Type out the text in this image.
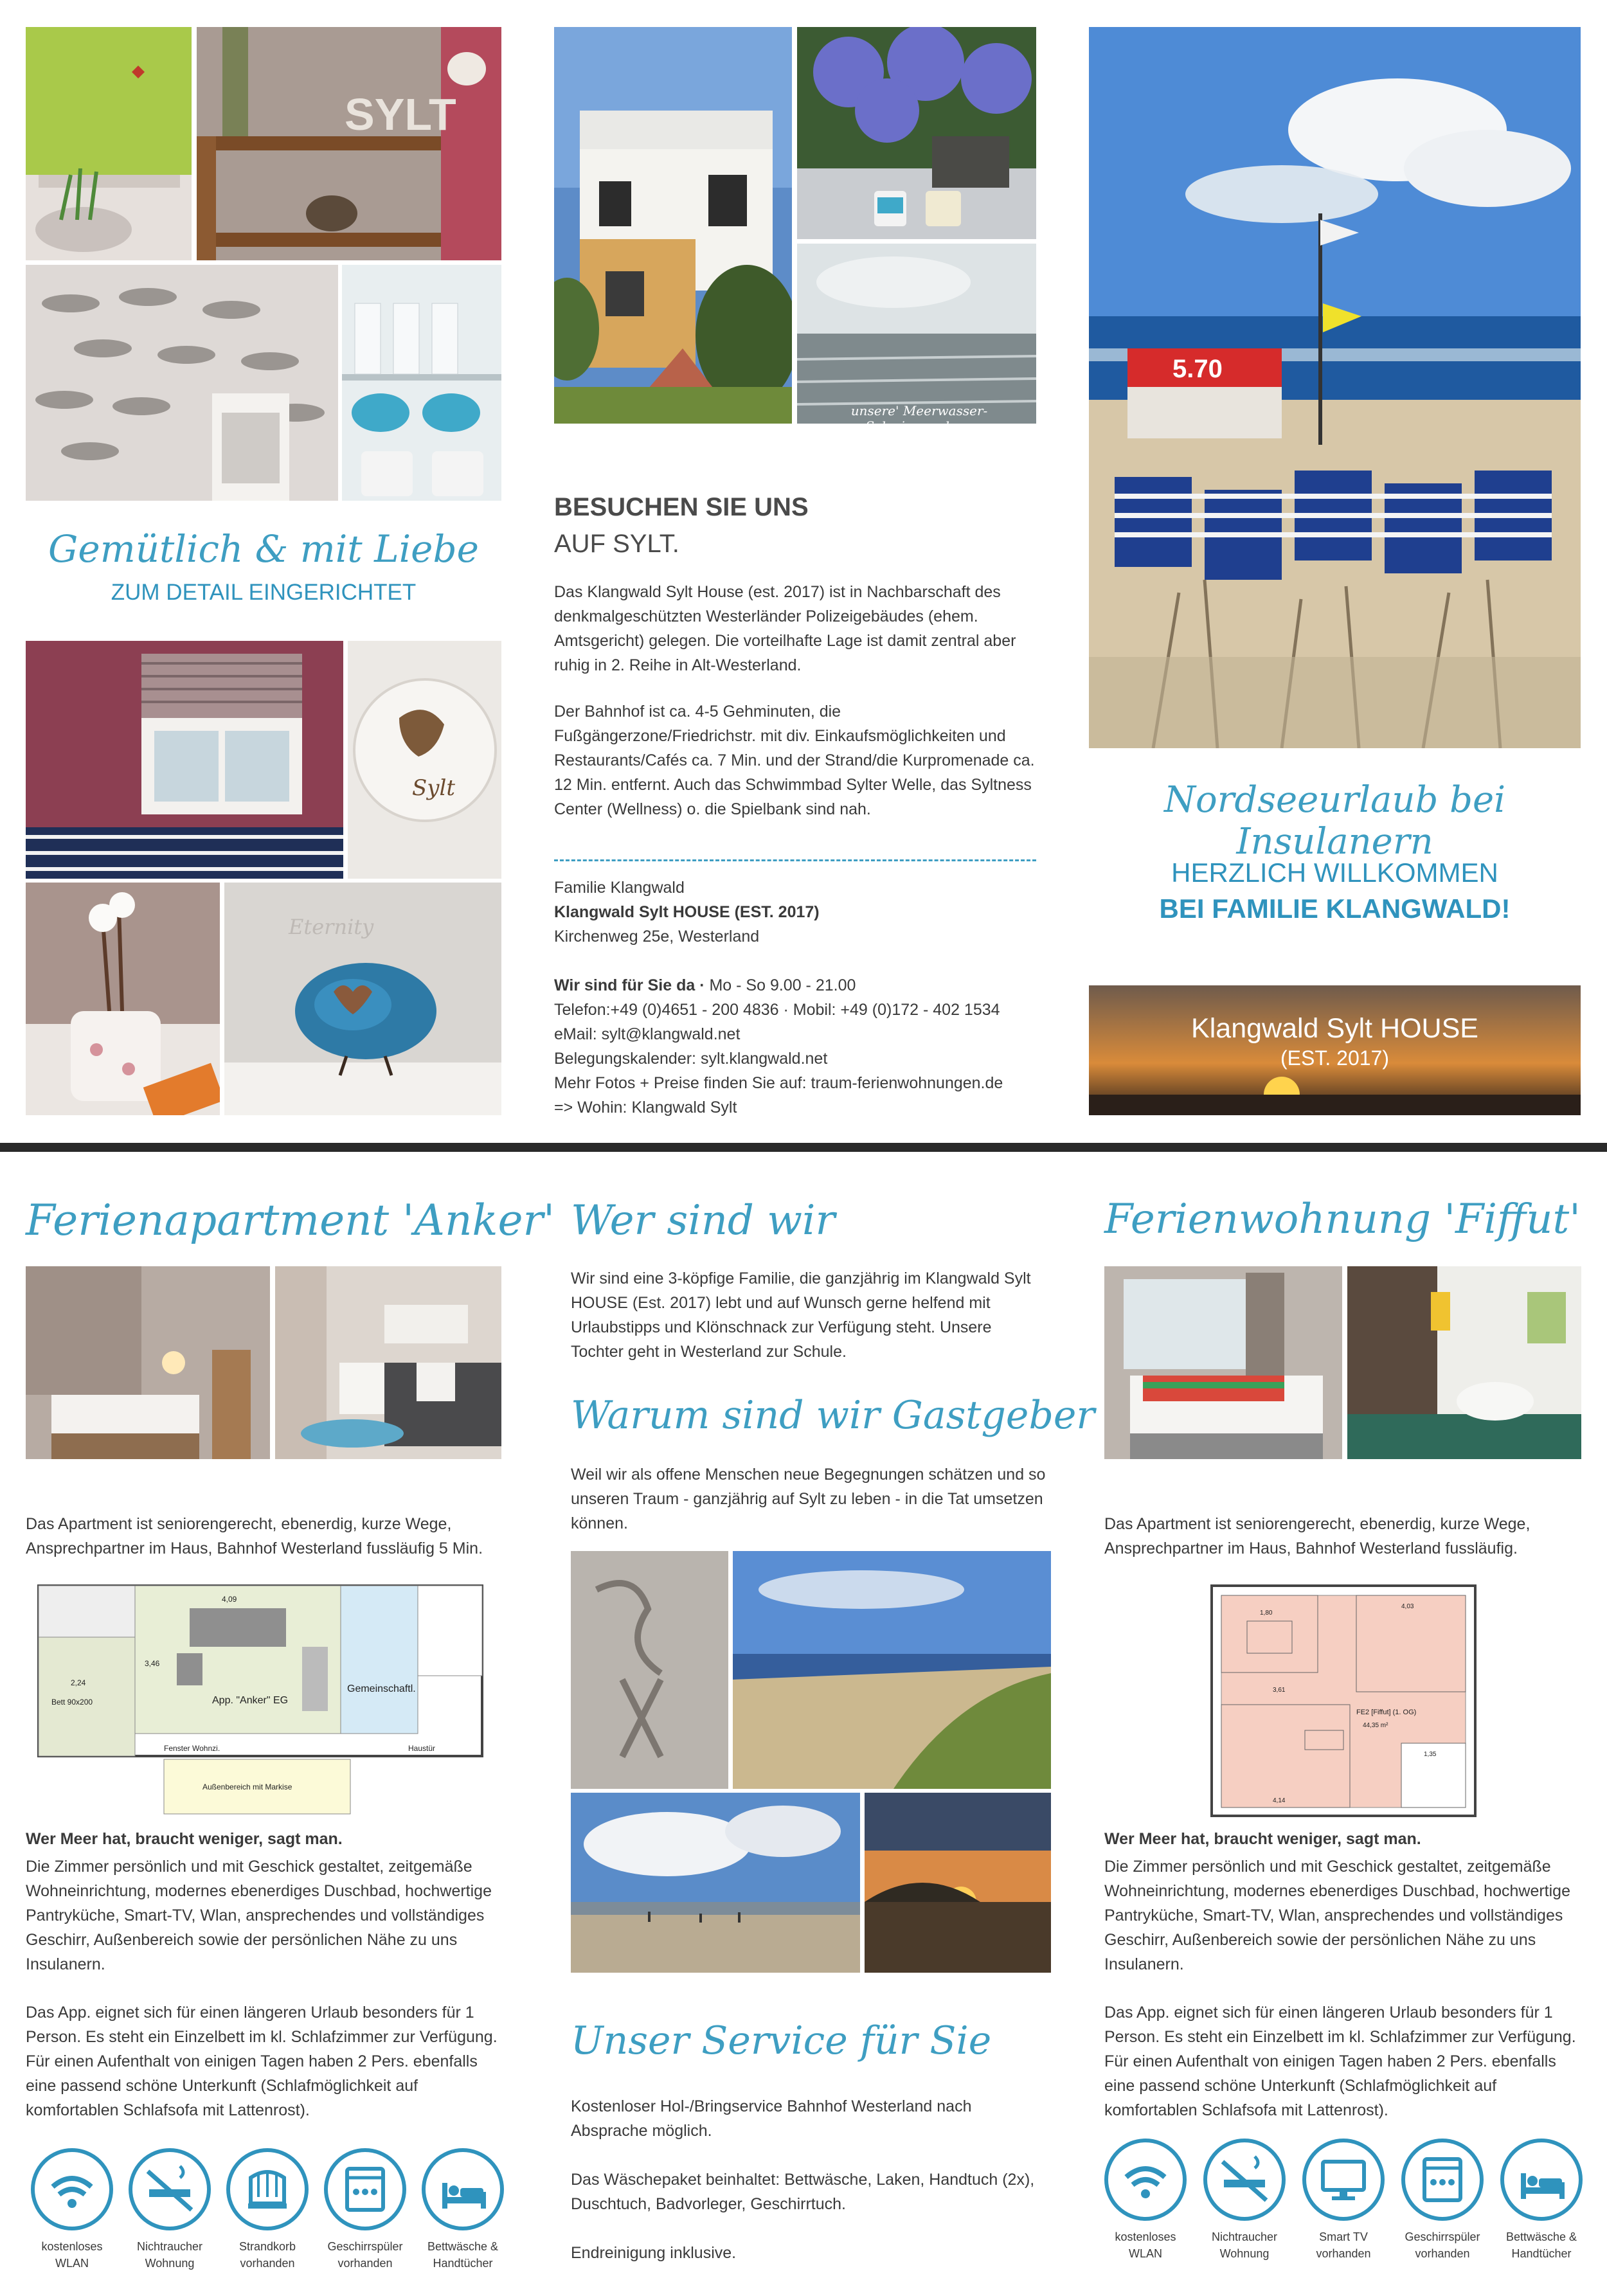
SYLT
Gemütlich & mit Liebe
ZUM DETAIL EINGERICHTET
Sylt
Eternity
unsere' Meerwasser-Schwimmanlage
BESUCHEN SIE UNS
AUF SYLT.

Das Klangwald Sylt House (est. 2017) ist in Nachbarschaft des denkmalgeschützten Westerländer Polizeigebäudes (ehem. Amtsgericht) gelegen. Die vorteilhafte Lage ist damit zentral aber ruhig in 2. Reihe in Alt-Westerland.

Der Bahnhof ist ca. 4-5 Gehminuten, die Fußgängerzone/Friedrichstr. mit div. Einkaufsmöglichkeiten und Restaurants/Cafés ca. 7 Min. und der Strand/die Kurpromenade ca. 12 Min. entfernt. Auch das Schwimmbad Sylter Welle, das Syltness Center (Wellness) o. die Spielbank sind nah.

Familie Klangwald
Klangwald Sylt HOUSE (EST. 2017)
Kirchenweg 25e, Westerland
Wir sind für Sie da · Mo - So 9.00 - 21.00
Telefon:+49 (0)4651 - 200 4836 · Mobil: +49 (0)172 - 402 1534
eMail: sylt@klangwald.net
Belegungskalender: sylt.klangwald.net
Mehr Fotos + Preise finden Sie auf: traum-ferienwohnungen.de
=> Wohin: Klangwald Sylt
5.70
Nordseeurlaub bei Insulanern
HERZLICH WILLKOMMEN
BEI FAMILIE KLANGWALD!
Klangwald Sylt HOUSE
(EST. 2017)
Ferienapartment 'Anker'

Das Apartment ist seniorengerecht, ebenerdig, kurze Wege, Ansprechpartner im Haus, Bahnhof Westerland fussläufig 5 Min.

App. "Anker" EG
Gemeinschaftl.
Bett 90x200
Fenster Wohnzi.	Haustür
4,09
3,46
2,24
Außenbereich mit Markise
Wer Meer hat, braucht weniger, sagt man.

Die Zimmer persönlich und mit Geschick gestaltet, zeitgemäße Wohneinrichtung, modernes ebenerdiges Duschbad, hochwertige Pantryküche, Smart-TV, Wlan, ansprechendes und vollständiges Geschirr, Außenbereich sowie der persönlichen Nähe zu uns Insulanern.

Das App. eignet sich für einen längeren Urlaub besonders für 1 Person. Es steht ein Einzelbett im kl. Schlafzimmer zur Verfügung. Für einen Aufenthalt von einigen Tagen haben 2 Pers. ebenfalls eine passend schöne Unterkunft (Schlafmöglichkeit auf komfortablen Schlafsofa mit Lattenrost).

kostenloses
WLAN
Nichtraucher
Wohnung
Strandkorb
vorhanden
Geschirrspüler
vorhanden
Bettwäsche &
Handtücher
Wer sind wir

Wir sind eine 3-köpfige Familie, die ganzjährig im Klangwald Sylt HOUSE (Est. 2017) lebt und auf Wunsch gerne helfend mit Urlaubstipps und Klönschnack zur Verfügung steht. Unsere Tochter geht in Westerland zur Schule.

Warum sind wir Gastgeber

Weil wir als offene Menschen neue Begegnungen schätzen und so unseren Traum - ganzjährig auf Sylt zu leben - in die Tat umsetzen können.

Unser Service für Sie

Kostenloser Hol-/Bringservice Bahnhof Westerland nach Absprache möglich.

Das Wäschepaket beinhaltet: Bettwäsche, Laken, Handtuch (2x), Duschtuch, Badvorleger, Geschirrtuch.

Endreinigung inklusive.

Ferienwohnung 'Fiffut'

Das Apartment ist seniorengerecht, ebenerdig, kurze Wege, Ansprechpartner im Haus, Bahnhof Westerland fussläufig.

FE2 [Fiffut] (1. OG)
44,35 m²
1,80
4,03
3,61
4,14
1,35
Wer Meer hat, braucht weniger, sagt man.

Die Zimmer persönlich und mit Geschick gestaltet, zeitgemäße Wohneinrichtung, modernes ebenerdiges Duschbad, hochwertige Pantryküche, Smart-TV, Wlan, ansprechendes und vollständiges Geschirr, Außenbereich sowie der persönlichen Nähe zu uns Insulanern.

Das App. eignet sich für einen längeren Urlaub besonders für 1 Person. Es steht ein Einzelbett im kl. Schlafzimmer zur Verfügung. Für einen Aufenthalt von einigen Tagen haben 2 Pers. ebenfalls eine passend schöne Unterkunft (Schlafmöglichkeit auf komfortablen Schlafsofa mit Lattenrost).

kostenloses
WLAN
Nichtraucher
Wohnung
Smart TV
vorhanden
Geschirrspüler
vorhanden
Bettwäsche &
Handtücher
